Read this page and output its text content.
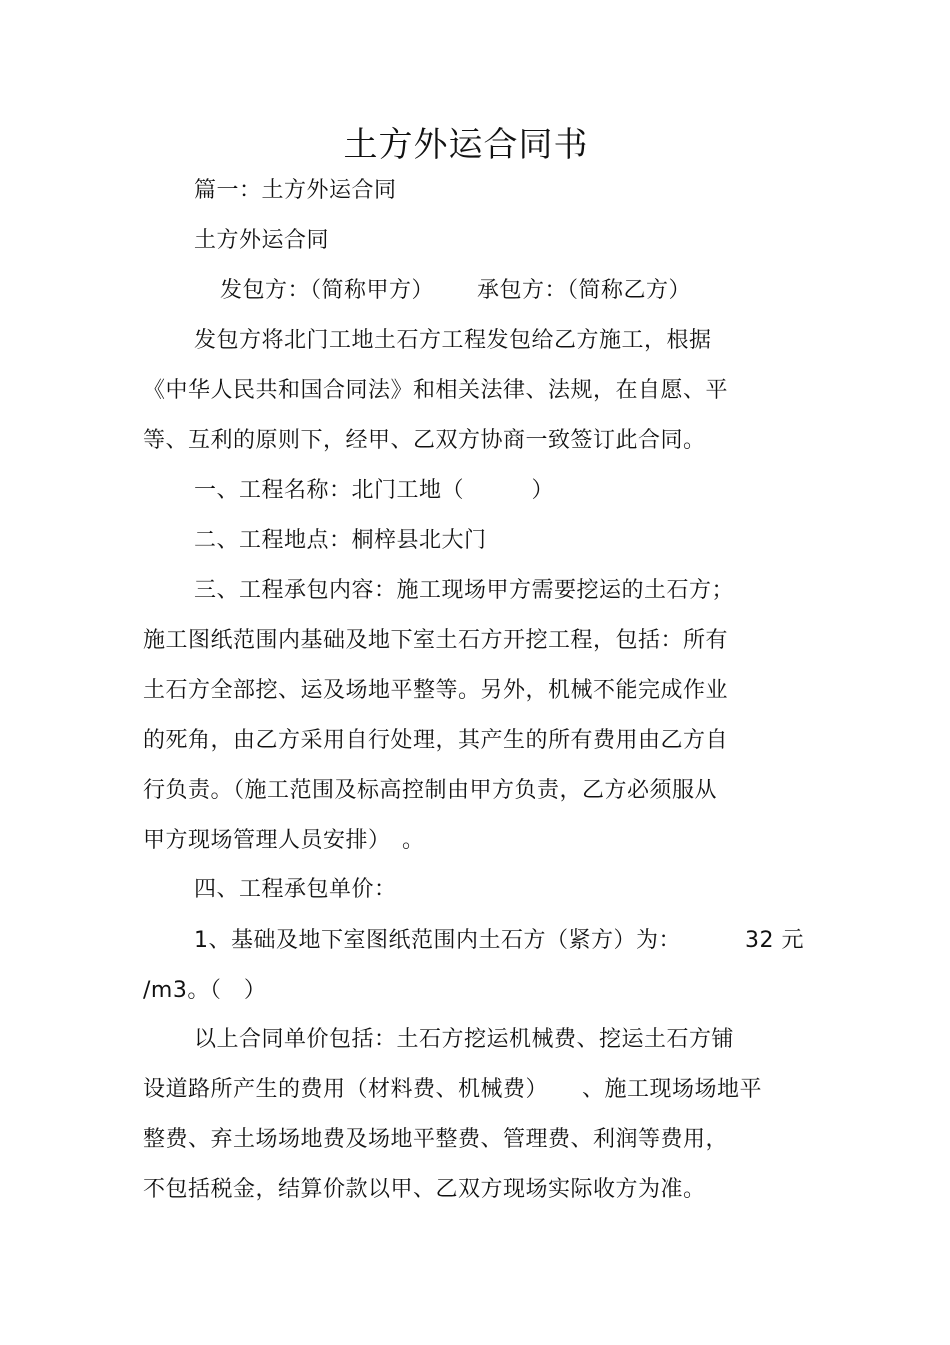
土方外运合同书
篇一：土方外运合同
土方外运合同
发包方：（简称甲方） 承包方：（简称乙方）
发包方将北门工地土石方工程发包给乙方施工，根据
《中华人民共和国合同法》和相关法律、法规，在自愿、平
等、互利的原则下，经甲、乙双方协商一致签订此合同。
一、工程名称：北门工地（　　　）
二、工程地点：桐梓县北大门
三、工程承包内容：施工现场甲方需要挖运的土石方；
施工图纸范围内基础及地下室土石方开挖工程，包括：所有
土石方全部挖、运及场地平整等。另外，机械不能完成作业
的死角，由乙方采用自行处理，其产生的所有费用由乙方自
行负责。（施工范围及标高控制由甲方负责，乙方必须服从
甲方现场管理人员安排）　。
四、工程承包单价：
1、基础及地下室图纸范围内土石方（紧方）为：	32 元
/m3。（　）
以上合同单价包括：土石方挖运机械费、挖运土石方铺
设道路所产生的费用（材料费、机械费）　　、施工现场场地平
整费、弃土场场地费及场地平整费、管理费、利润等费用，
不包括税金，结算价款以甲、乙双方现场实际收方为准。
